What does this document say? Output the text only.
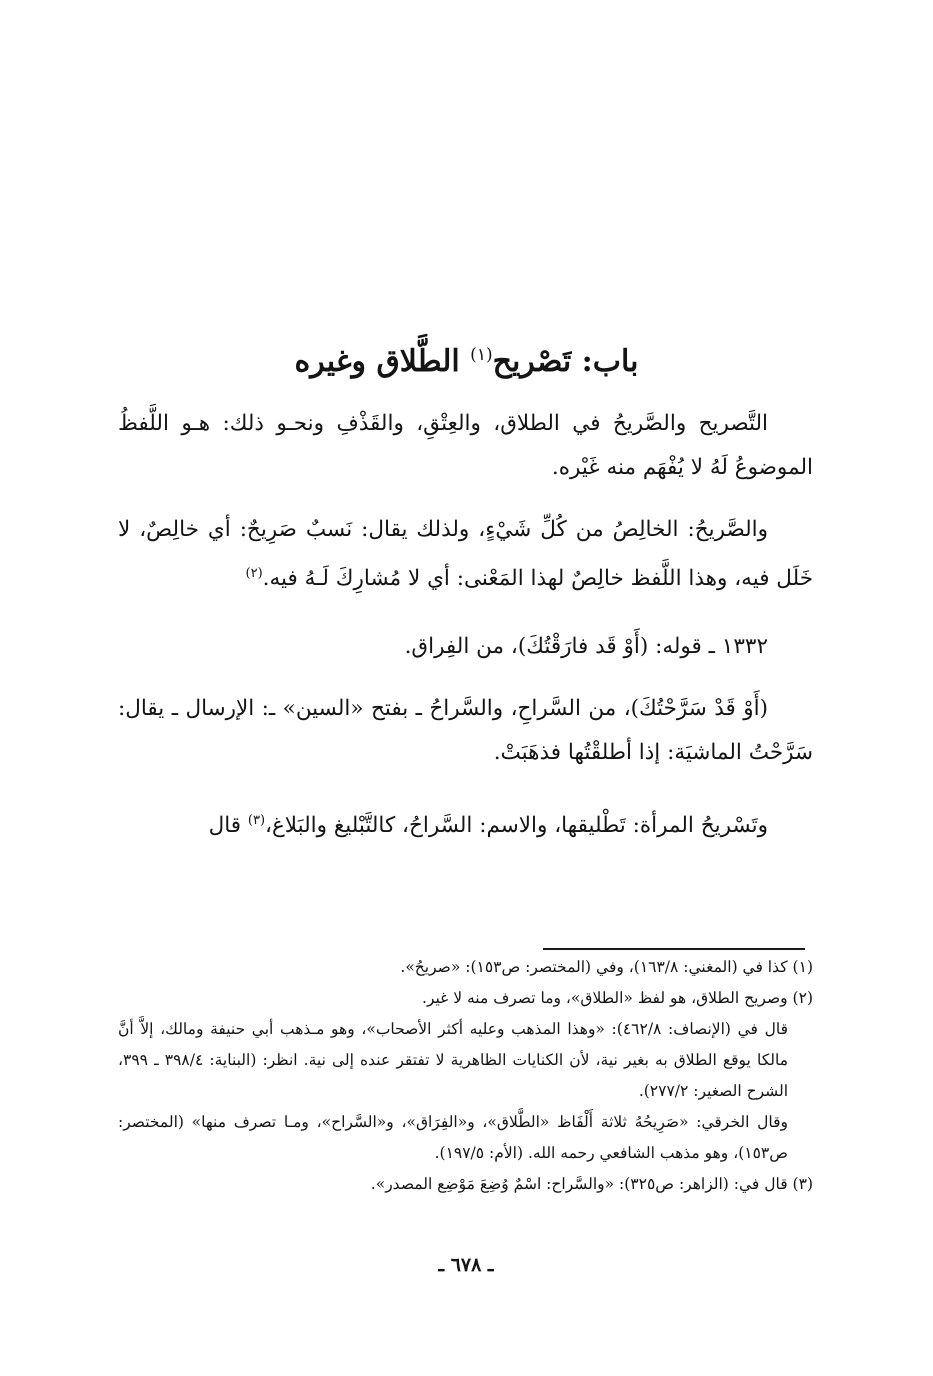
باب: تَصْريح$^{(١)}$ الطَّلاق وغيره

التَّصريح والصَّريحُ في الطلاق، والعِتْقِ، والقَذْفِ ونحـو ذلك: هـو اللَّفظُ الموضوعُ لَهُ لا يُفْهَم منه غَيْره.

والصَّريحُ: الخالِصُ من كُلِّ شَيْءٍ، ولذلك يقال: نَسبٌ صَرِيحٌ: أي خالِصٌ، لا خَلَل فيه، وهذا اللَّفظ خالِصٌ لهذا المَعْنى: أي لا مُشارِكَ لَـهُ فيه.$^{(٢)}$

١٣٣٢ ـ قوله: (أَوْ قَد فارَقْتُكَ)، من الفِراق.

(أَوْ قَدْ سَرَّحْتُكَ)، من السَّراحِ، والسَّراحُ ـ بفتح «السين» ـ: الإرسال ـ يقال: سَرَّحْتُ الماشيَة: إذا أطلقْتُها فذهَبَتْ.

وتَسْريحُ المرأة: تَطْليقها، والاسم: السَّراحُ، كالتَّبْليغ والبَلاغ،$^{(٣)}$ قال

(١) كذا في (المغني: ١٦٣/٨)، وفي (المختصر: ص١٥٣): «صريحُ».

(٢) وصريح الطلاق، هو لفظ «الطلاق»، وما تصرف منه لا غير.

قال في (الإنصاف: ٤٦٢/٨): «وهذا المذهب وعليه أكثر الأصحاب»، وهو مـذهب أبي حنيفة ومالك، إلاَّ أنَّ مالكا يوقع الطلاق به بغير نية، لأن الكنايات الظاهرية لا تفتقر عنده إلى نية. انظر: (البناية: ٣٩٨/٤ ـ ٣٩٩، الشرح الصغير: ٢٧٧/٢).

وقال الخرقي: «صَرِيحُهُ ثلاثة أَلْفَاظ «الطَّلاق»، و«الفِرَاق»، و«السَّراح»، ومـا تصرف منها» (المختصر: ص١٥٣)، وهو مذهب الشافعي رحمه الله. (الأم: ١٩٧/٥).

(٣) قال في: (الزاهر: ص٣٢٥): «والسَّراح: اسْمٌ وُضِعَ مَوْضِع المصدر».

ـ ٦٧٨ ـ
